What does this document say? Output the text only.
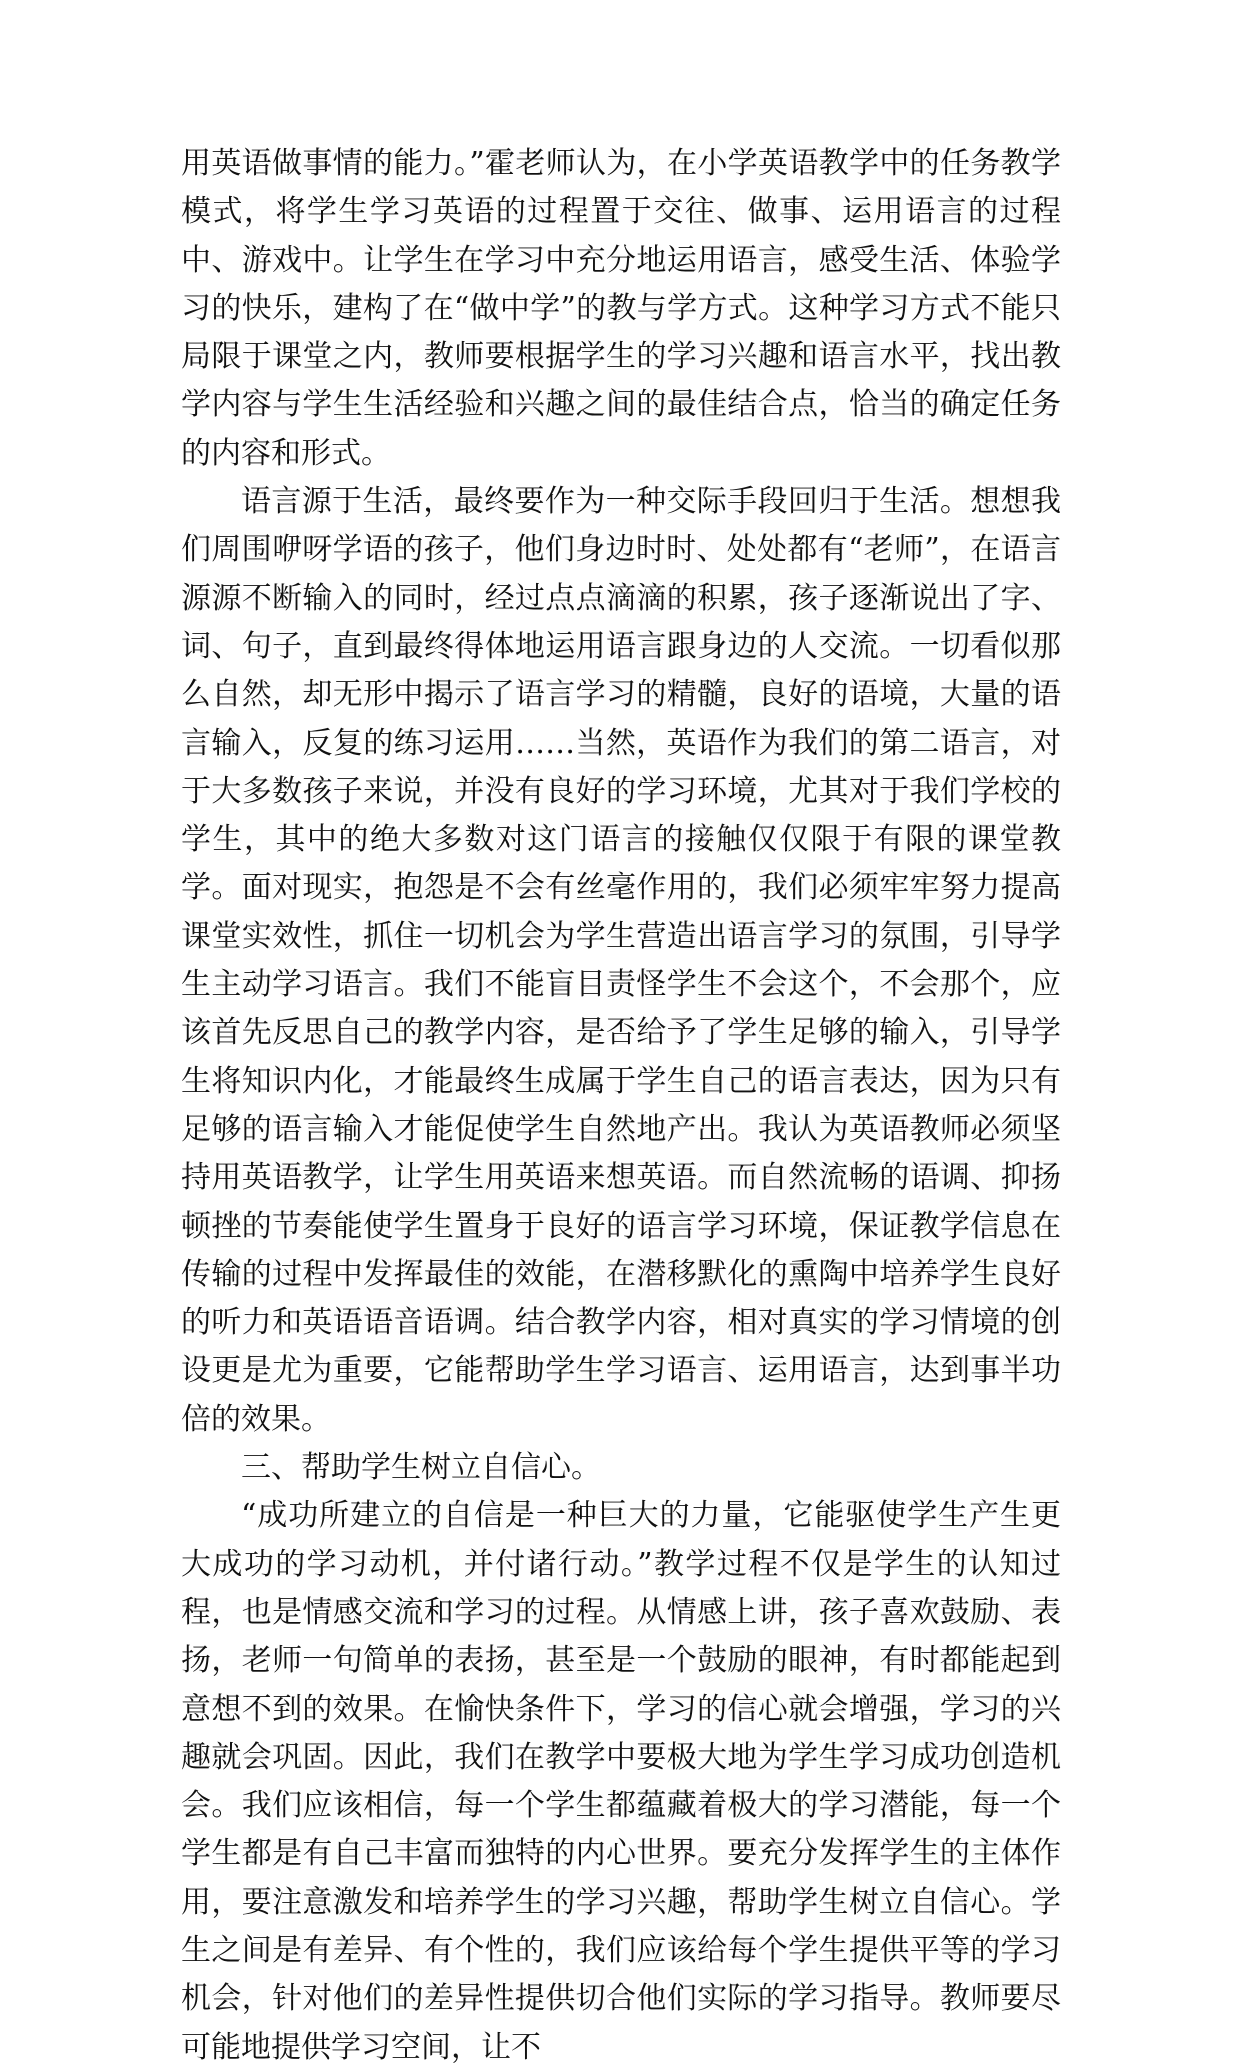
用英语做事情的能力。”霍老师认为，在小学英语教学中的任务教学模式，将学生学习英语的过程置于交往、做事、运用语言的过程中、游戏中。让学生在学习中充分地运用语言，感受生活、体验学习的快乐，建构了在“做中学”的教与学方式。这种学习方式不能只局限于课堂之内，教师要根据学生的学习兴趣和语言水平，找出教学内容与学生生活经验和兴趣之间的最佳结合点，恰当的确定任务的内容和形式。

语言源于生活，最终要作为一种交际手段回归于生活。想想我们周围咿呀学语的孩子，他们身边时时、处处都有“老师”，在语言源源不断输入的同时，经过点点滴滴的积累，孩子逐渐说出了字、词、句子，直到最终得体地运用语言跟身边的人交流。一切看似那么自然，却无形中揭示了语言学习的精髓，良好的语境，大量的语言输入，反复的练习运用……当然，英语作为我们的第二语言，对于大多数孩子来说，并没有良好的学习环境，尤其对于我们学校的学生，其中的绝大多数对这门语言的接触仅仅限于有限的课堂教学。面对现实，抱怨是不会有丝毫作用的，我们必须牢牢努力提高课堂实效性，抓住一切机会为学生营造出语言学习的氛围，引导学生主动学习语言。我们不能盲目责怪学生不会这个，不会那个，应该首先反思自己的教学内容，是否给予了学生足够的输入，引导学生将知识内化，才能最终生成属于学生自己的语言表达，因为只有足够的语言输入才能促使学生自然地产出。我认为英语教师必须坚持用英语教学，让学生用英语来想英语。而自然流畅的语调、抑扬顿挫的节奏能使学生置身于良好的语言学习环境，保证教学信息在传输的过程中发挥最佳的效能，在潜移默化的熏陶中培养学生良好的听力和英语语音语调。结合教学内容，相对真实的学习情境的创设更是尤为重要，它能帮助学生学习语言、运用语言，达到事半功倍的效果。

三、帮助学生树立自信心。

“成功所建立的自信是一种巨大的力量，它能驱使学生产生更大成功的学习动机，并付诸行动。”教学过程不仅是学生的认知过程，也是情感交流和学习的过程。从情感上讲，孩子喜欢鼓励、表扬，老师一句简单的表扬，甚至是一个鼓励的眼神，有时都能起到意想不到的效果。在愉快条件下，学习的信心就会增强，学习的兴趣就会巩固。因此，我们在教学中要极大地为学生学习成功创造机会。我们应该相信，每一个学生都蕴藏着极大的学习潜能，每一个学生都是有自己丰富而独特的内心世界。要充分发挥学生的主体作用，要注意激发和培养学生的学习兴趣，帮助学生树立自信心。学生之间是有差异、有个性的，我们应该给每个学生提供平等的学习机会，针对他们的差异性提供切合他们实际的学习指导。教师要尽可能地提供学习空间，让不
